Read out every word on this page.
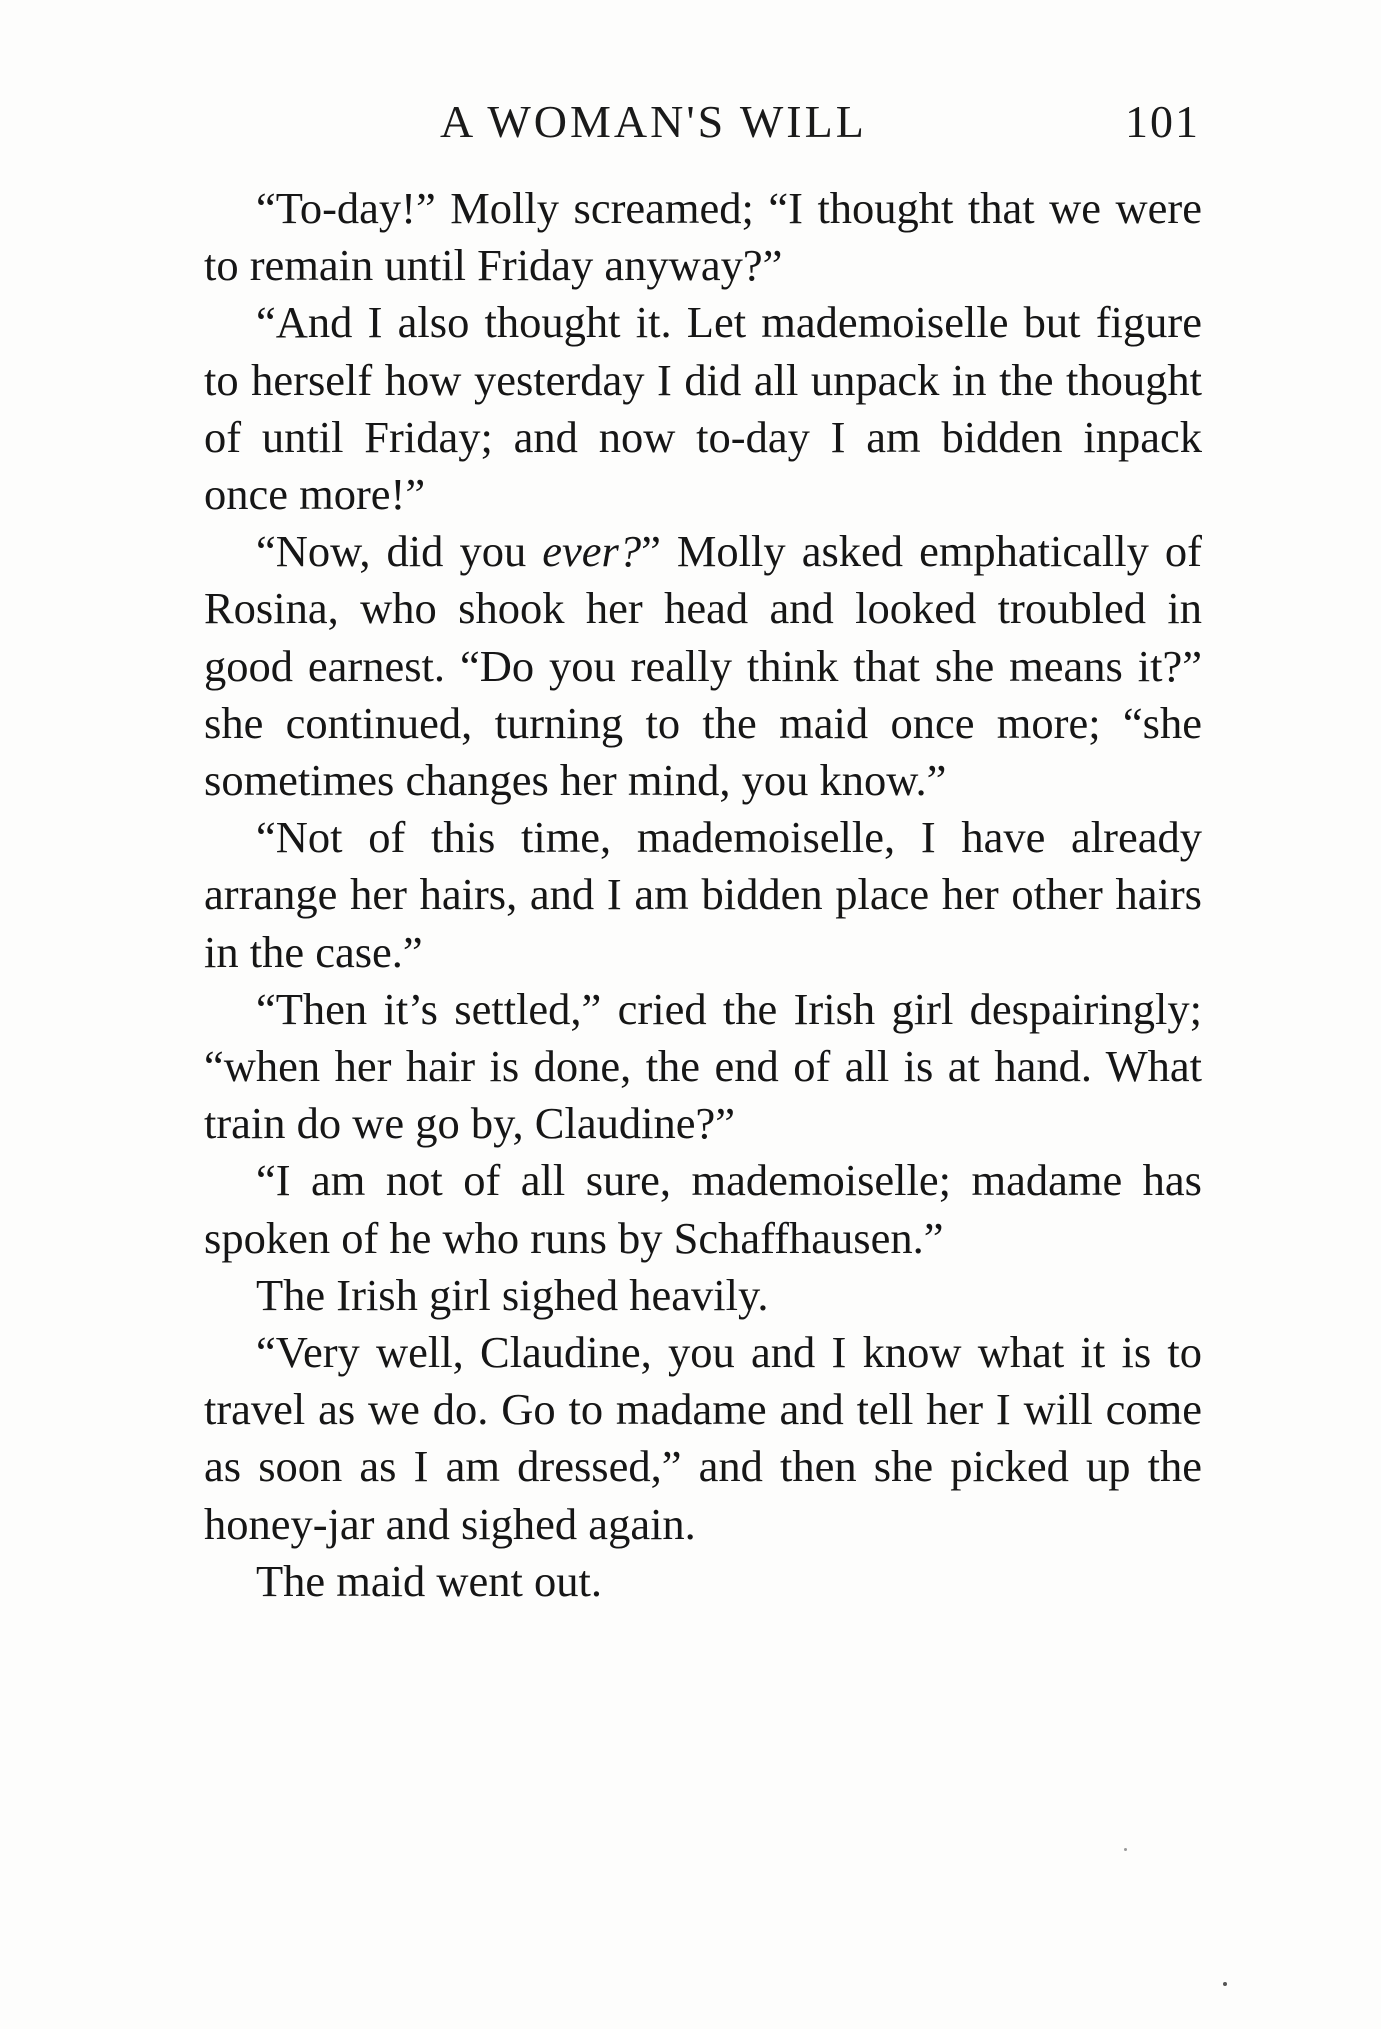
A WOMAN'S WILL	101

“To-day!” Molly screamed; “I thought that we were to remain until Friday anyway?”

“And I also thought it. Let mademoiselle but figure to herself how yesterday I did all unpack in the thought of until Friday; and now to-day I am bidden inpack once more!”

“Now, did you ever?” Molly asked emphatically of Rosina, who shook her head and looked troubled in good earnest. “Do you really think that she means it?” she continued, turning to the maid once more; “she sometimes changes her mind, you know.”

“Not of this time, mademoiselle, I have already arrange her hairs, and I am bidden place her other hairs in the case.”

“Then it’s settled,” cried the Irish girl despairingly; “when her hair is done, the end of all is at hand. What train do we go by, Claudine?”

“I am not of all sure, mademoiselle; madame has spoken of he who runs by Schaffhausen.”

The Irish girl sighed heavily.

“Very well, Claudine, you and I know what it is to travel as we do. Go to madame and tell her I will come as soon as I am dressed,” and then she picked up the honey-jar and sighed again.

The maid went out.
